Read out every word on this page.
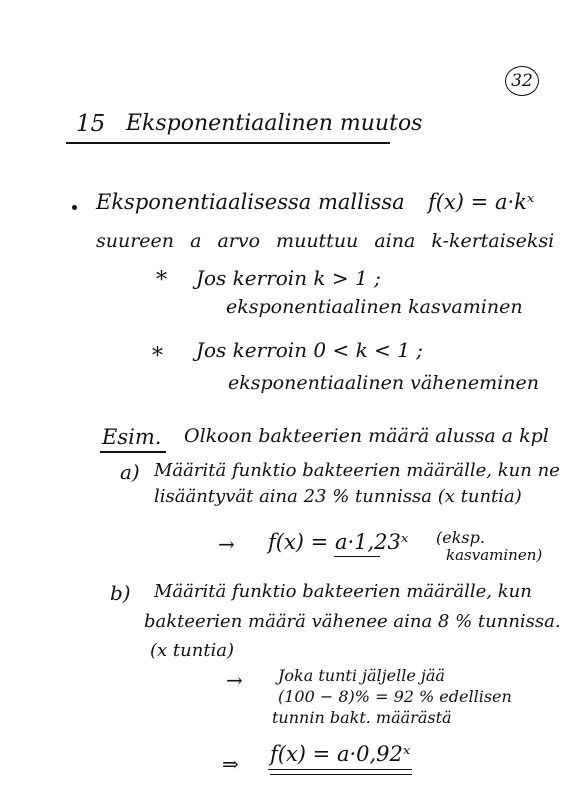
32
15 Eksponentiaalinen muutos
Eksponentiaalisessa mallissa f(x) = a·kˣ
suureen a arvo muuttuu aina k-kertaiseksi
* Jos kerroin k > 1 ;
eksponentiaalinen kasvaminen
* Jos kerroin 0 < k < 1 ;
eksponentiaalinen väheneminen
Esim. Olkoon bakteerien määrä alussa a kpl
a) Määritä funktio bakteerien määrälle, kun ne
lisääntyvät aina 23 % tunnissa (x tuntia)
→ f(x) = a·1,23ˣ (eksp.
kasvaminen)
b) Määritä funktio bakteerien määrälle, kun
bakteerien määrä vähenee aina 8 % tunnissa.
(x tuntia)
→ Joka tunti jäljelle jää
(100 − 8)% = 92 % edellisen
tunnin bakt. määrästä
⇒ f(x) = a·0,92ˣ
